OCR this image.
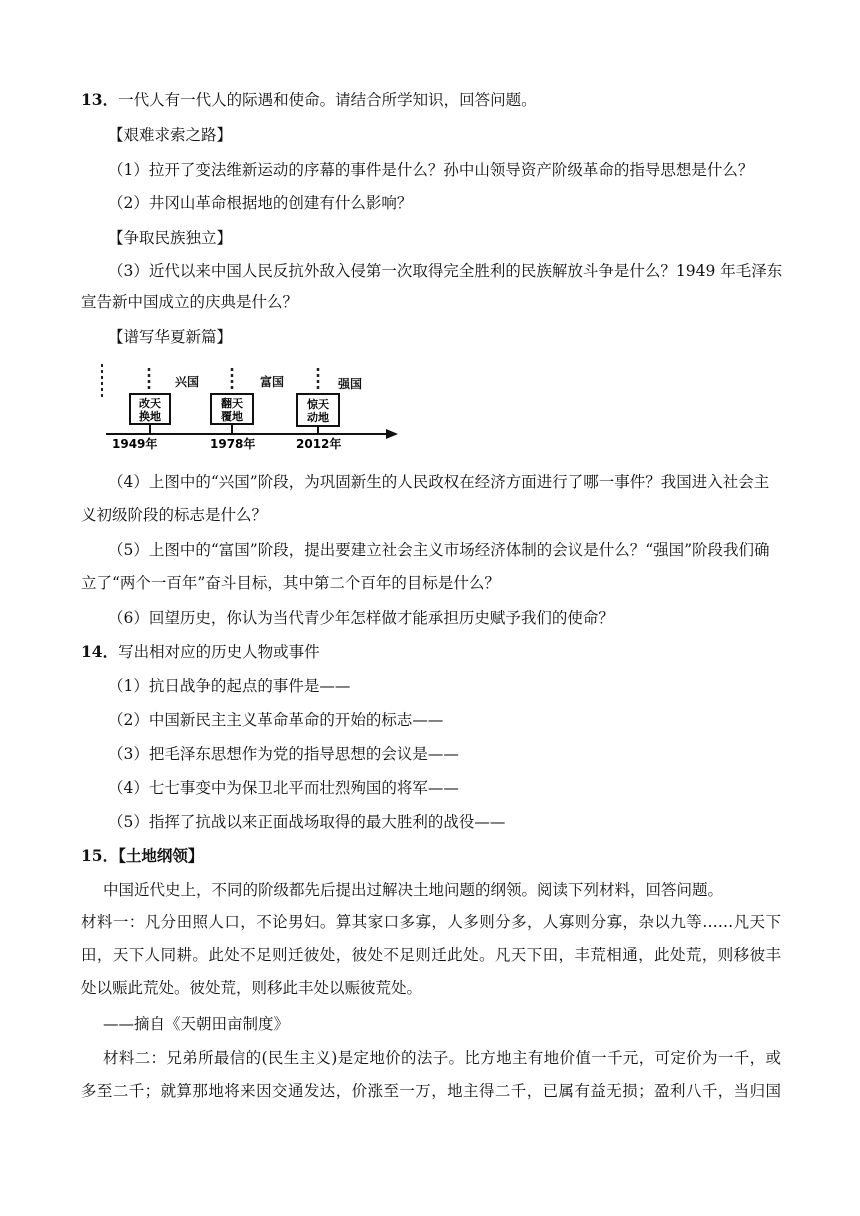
13．一代人有一代人的际遇和使命。请结合所学知识，回答问题。
【艰难求索之路】
（1）拉开了变法维新运动的序幕的事件是什么？孙中山领导资产阶级革命的指导思想是什么？
（2）井冈山革命根据地的创建有什么影响？
【争取民族独立】
（3）近代以来中国人民反抗外敌入侵第一次取得完全胜利的民族解放斗争是什么？1949 年毛泽东
宣告新中国成立的庆典是什么？
【谱写华夏新篇】
兴国	富国	强国
改天
换地
翻天
覆地
惊天
动地
1949年	1978年	2012年
（4）上图中的“兴国”阶段，为巩固新生的人民政权在经济方面进行了哪一事件？我国进入社会主
义初级阶段的标志是什么？
（5）上图中的“富国”阶段，提出要建立社会主义市场经济体制的会议是什么？“强国”阶段我们确
立了“两个一百年”奋斗目标，其中第二个百年的目标是什么？
（6）回望历史，你认为当代青少年怎样做才能承担历史赋予我们的使命？
14．写出相对应的历史人物或事件
（1）抗日战争的起点的事件是——
（2）中国新民主主义革命革命的开始的标志——
（3）把毛泽东思想作为党的指导思想的会议是——
（4）七七事变中为保卫北平而壮烈殉国的将军——
（5）指挥了抗战以来正面战场取得的最大胜利的战役——
15．【土地纲领】
中国近代史上，不同的阶级都先后提出过解决土地问题的纲领。阅读下列材料，回答问题。
材料一：凡分田照人口，不论男妇。算其家口多寡，人多则分多，人寡则分寡，杂以九等……凡天下
田，天下人同耕。此处不足则迁彼处，彼处不足则迁此处。凡天下田，丰荒相通，此处荒，则移彼丰
处以赈此荒处。彼处荒，则移此丰处以赈彼荒处。
——摘自《天朝田亩制度》
材料二：兄弟所最信的(民生主义)是定地价的法子。比方地主有地价值一千元，可定价为一千，或
多至二千；就算那地将来因交通发达，价涨至一万，地主得二千，已属有益无损；盈利八千，当归国
